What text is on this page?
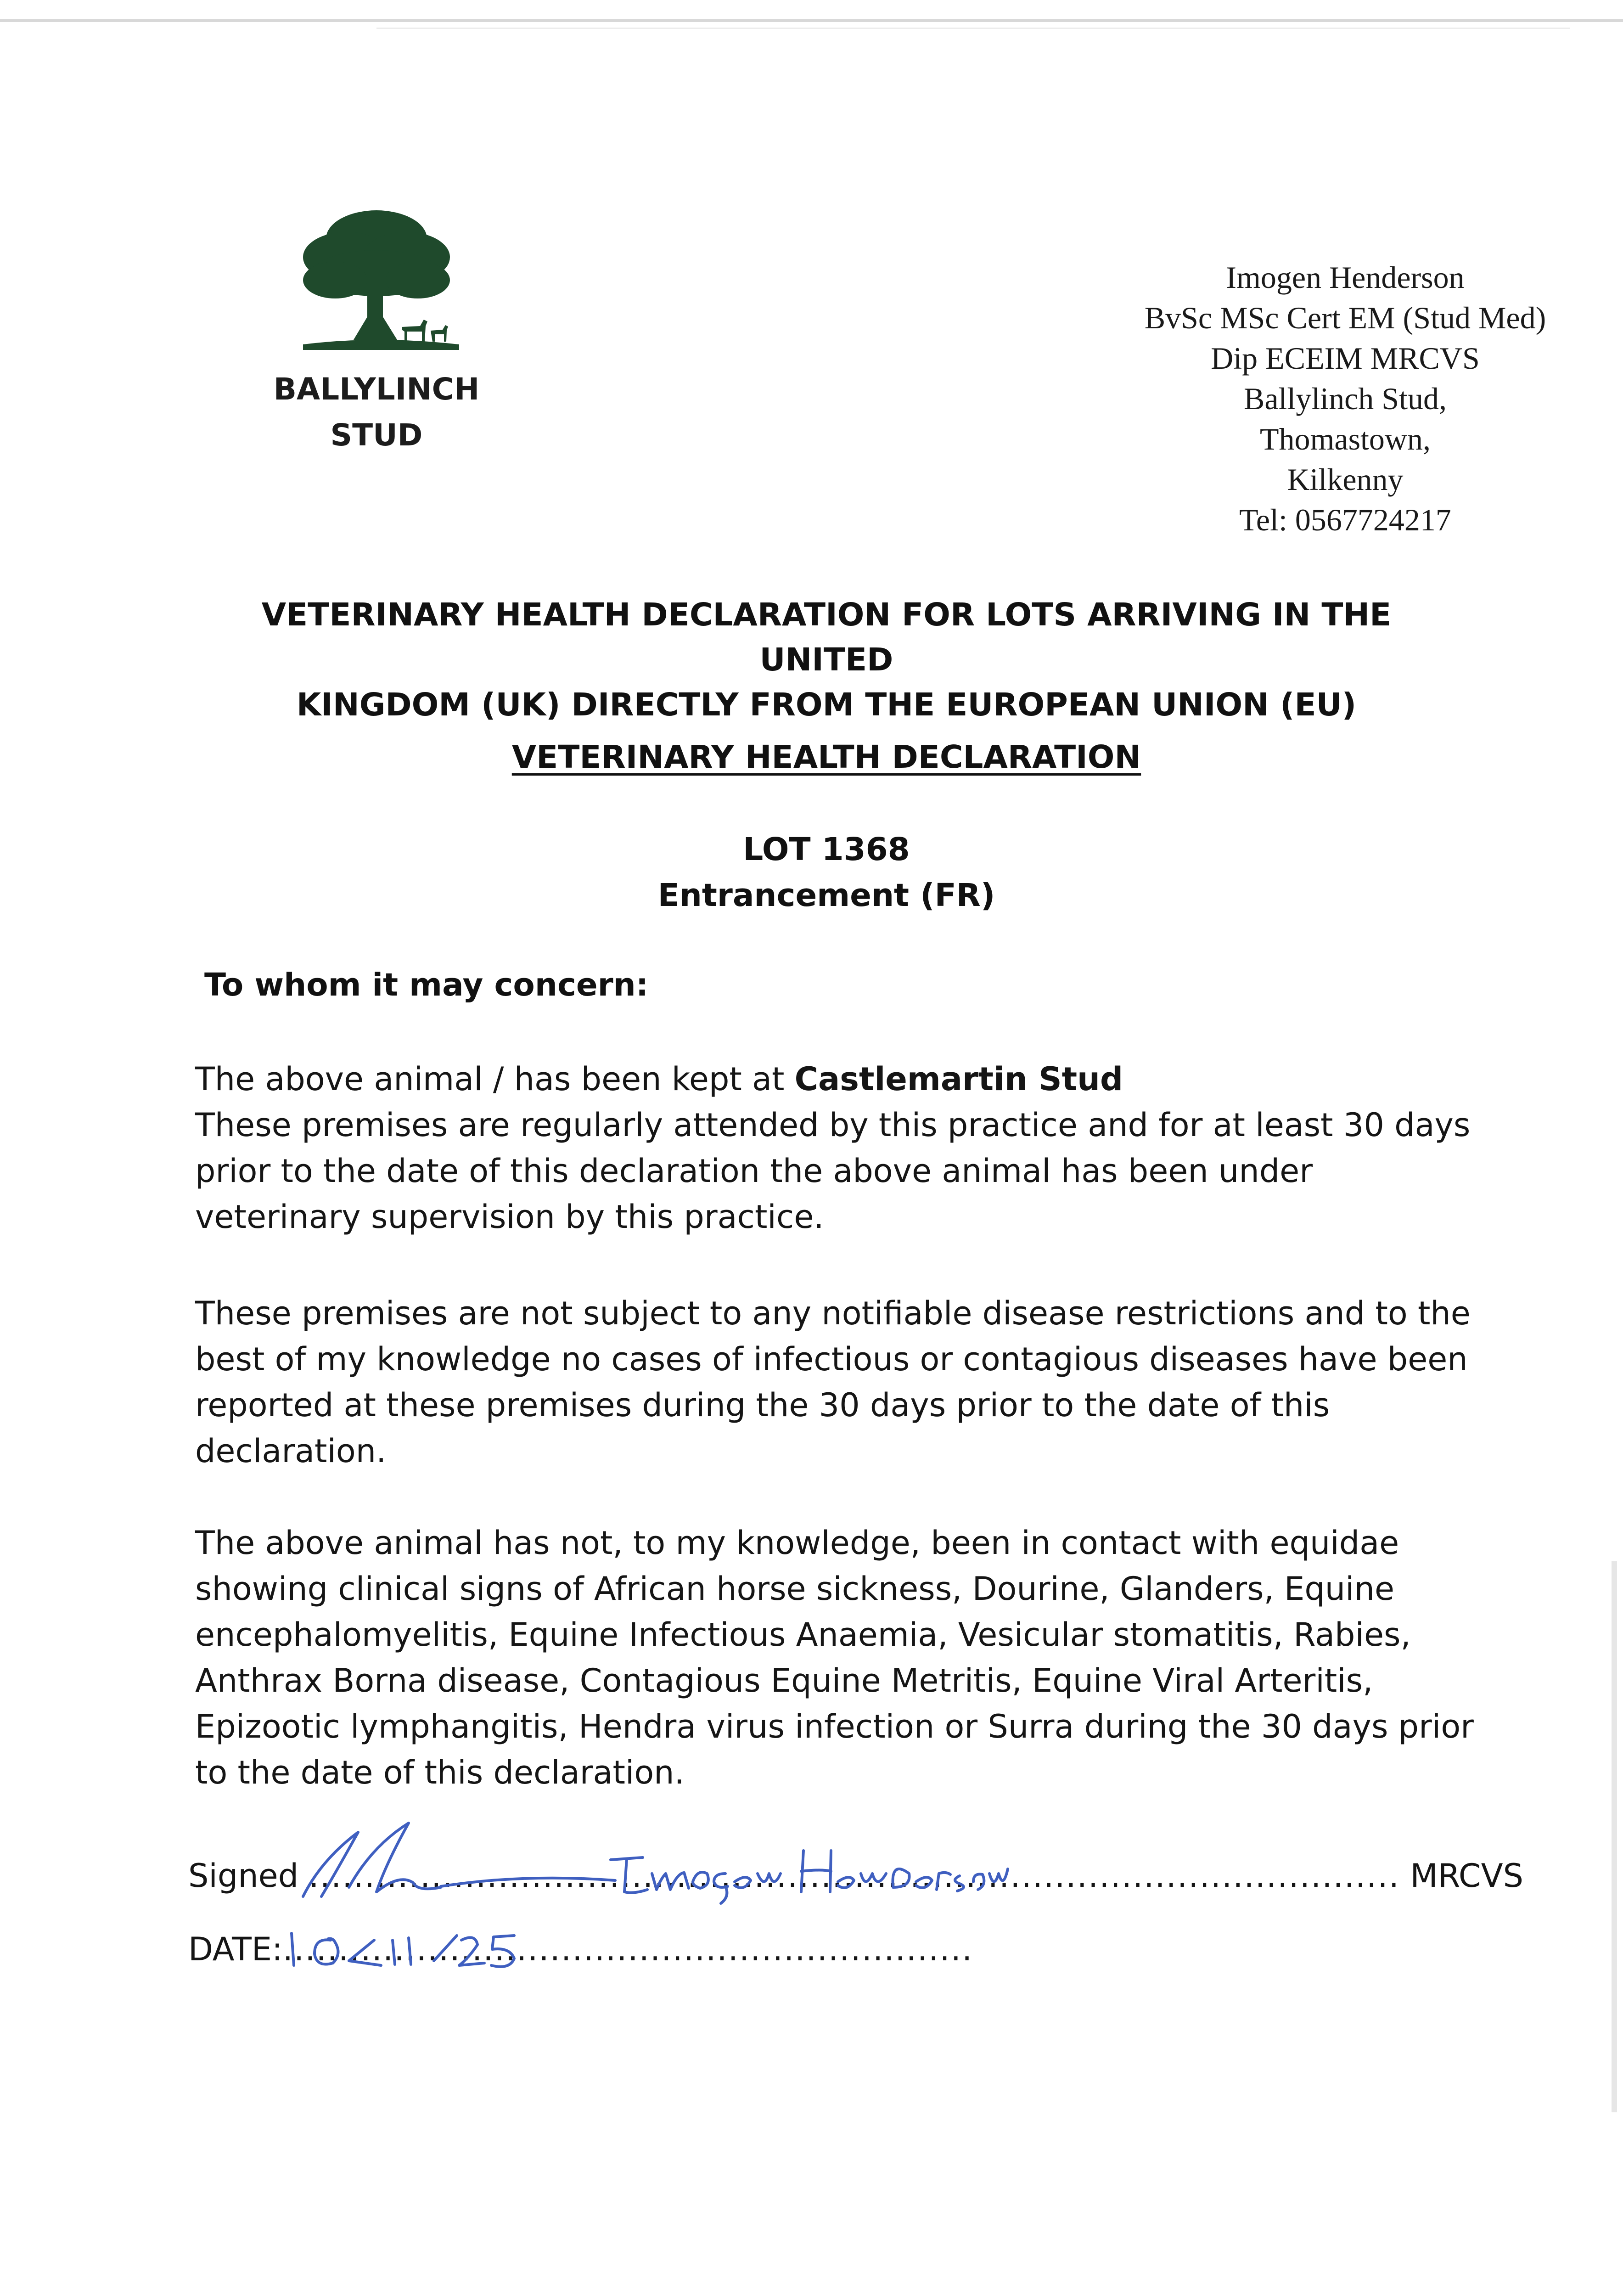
BALLYLINCH
STUD
Imogen Henderson
BvSc MSc Cert EM (Stud Med)
Dip ECEIM MRCVS
Ballylinch Stud,
Thomastown,
Kilkenny
Tel: 0567724217
VETERINARY HEALTH DECLARATION FOR LOTS ARRIVING IN THE UNITED
KINGDOM (UK) DIRECTLY FROM THE EUROPEAN UNION (EU)
VETERINARY HEALTH DECLARATION
LOT 1368
Entrancement (FR)
To whom it may concern:
The above animal / has been kept at Castlemartin Stud
These premises are regularly attended by this practice and for at least 30 days
prior to the date of this declaration the above animal has been under
veterinary supervision by this practice.
These premises are not subject to any notifiable disease restrictions and to the
best of my knowledge no cases of infectious or contagious diseases have been
reported at these premises during the 30 days prior to the date of this
declaration.
The above animal has not, to my knowledge, been in contact with equidae
showing clinical signs of African horse sickness, Dourine, Glanders, Equine
encephalomyelitis, Equine Infectious Anaemia, Vesicular stomatitis, Rabies,
Anthrax Borna disease, Contagious Equine Metritis, Equine Viral Arteritis,
Epizootic lymphangitis, Hendra virus infection or Surra during the 30 days prior
to the date of this declaration.
Signed .................................................................................................. MRCVS
DATE:..............................................................
